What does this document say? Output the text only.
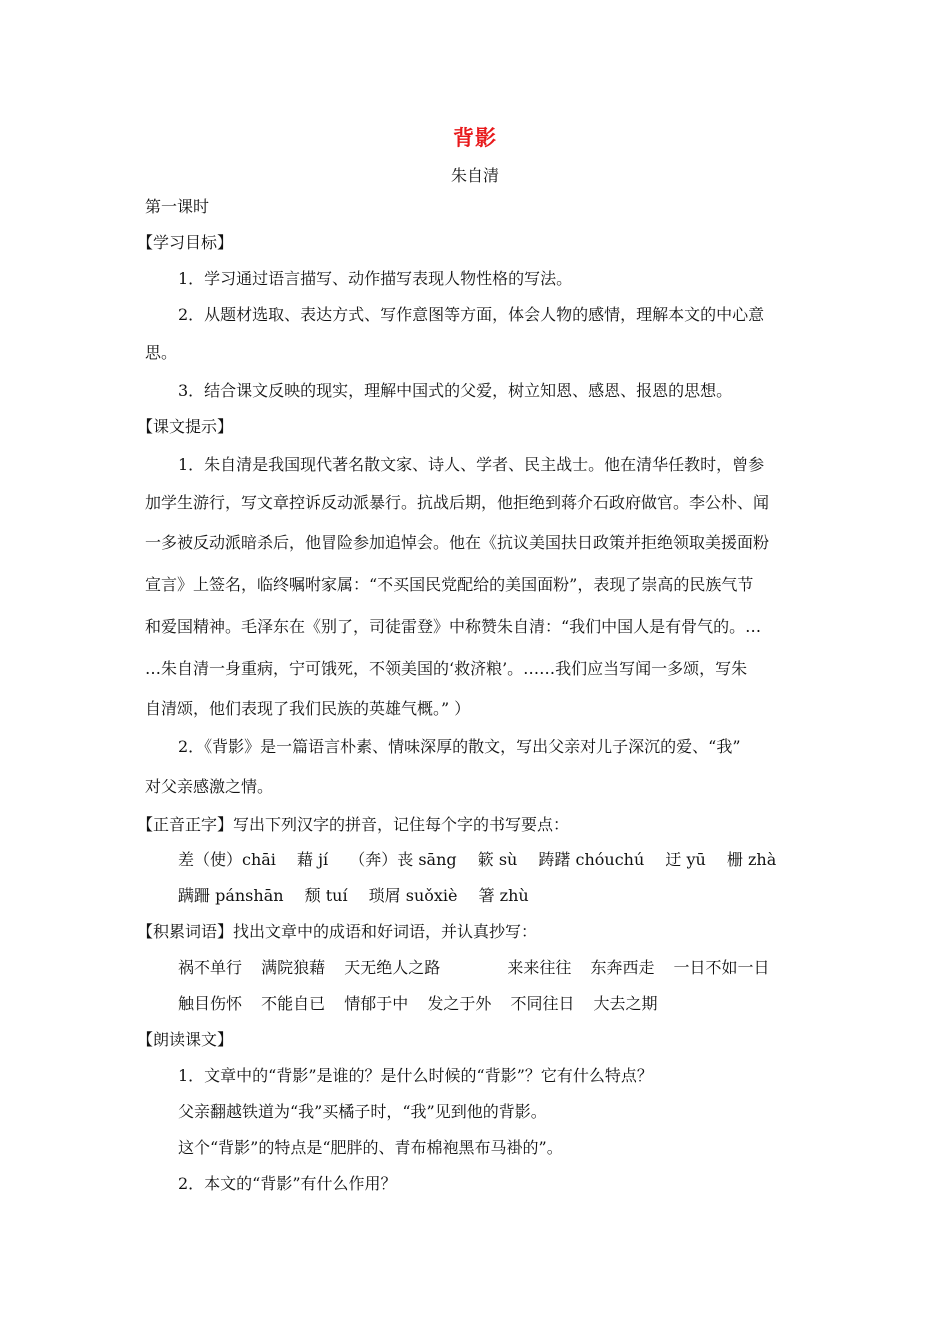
背影
朱自清
第一课时
【学习目标】
1．学习通过语言描写、动作描写表现人物性格的写法。
2．从题材选取、表达方式、写作意图等方面，体会人物的感情，理解本文的中心意
思。
3．结合课文反映的现实，理解中国式的父爱，树立知恩、感恩、报恩的思想。
【课文提示】
1．朱自清是我国现代著名散文家、诗人、学者、民主战士。他在清华任教时，曾参
加学生游行，写文章控诉反动派暴行。抗战后期，他拒绝到蒋介石政府做官。李公朴、闻
一多被反动派暗杀后，他冒险参加追悼会。他在《抗议美国扶日政策并拒绝领取美援面粉
宣言》上签名，临终嘱咐家属：“不买国民党配给的美国面粉”，表现了崇高的民族气节
和爱国精神。毛泽东在《别了，司徒雷登》中称赞朱自清：“我们中国人是有骨气的。…
…朱自清一身重病，宁可饿死，不领美国的‘救济粮’。……我们应当写闻一多颂，写朱
自清颂，他们表现了我们民族的英雄气概。” ）
2．《背影》是一篇语言朴素、情味深厚的散文，写出父亲对儿子深沉的爱、“我”
对父亲感激之情。
【正音正字】写出下列汉字的拼音，记住每个字的书写要点：
差（使）chāi　 藉 jí　 （奔）丧 sāng　 簌 sù　 踌躇 chóuchú　 迂 yū　 栅 zhà
蹒跚 pánshān　 颓 tuí　 琐屑 suǒxiè　 箸 zhù
【积累词语】找出文章中的成语和好词语，并认真抄写：
祸不单行 满院狼藉 天无绝人之路	来来往往 东奔西走 一日不如一日
触目伤怀 不能自已 情郁于中 发之于外 不同往日 大去之期
【朗读课文】
1．文章中的“背影”是谁的？是什么时候的“背影”？它有什么特点？
父亲翻越铁道为“我”买橘子时，“我”见到他的背影。
这个“背影”的特点是“肥胖的、青布棉袍黑布马褂的”。
2．本文的“背影”有什么作用？
